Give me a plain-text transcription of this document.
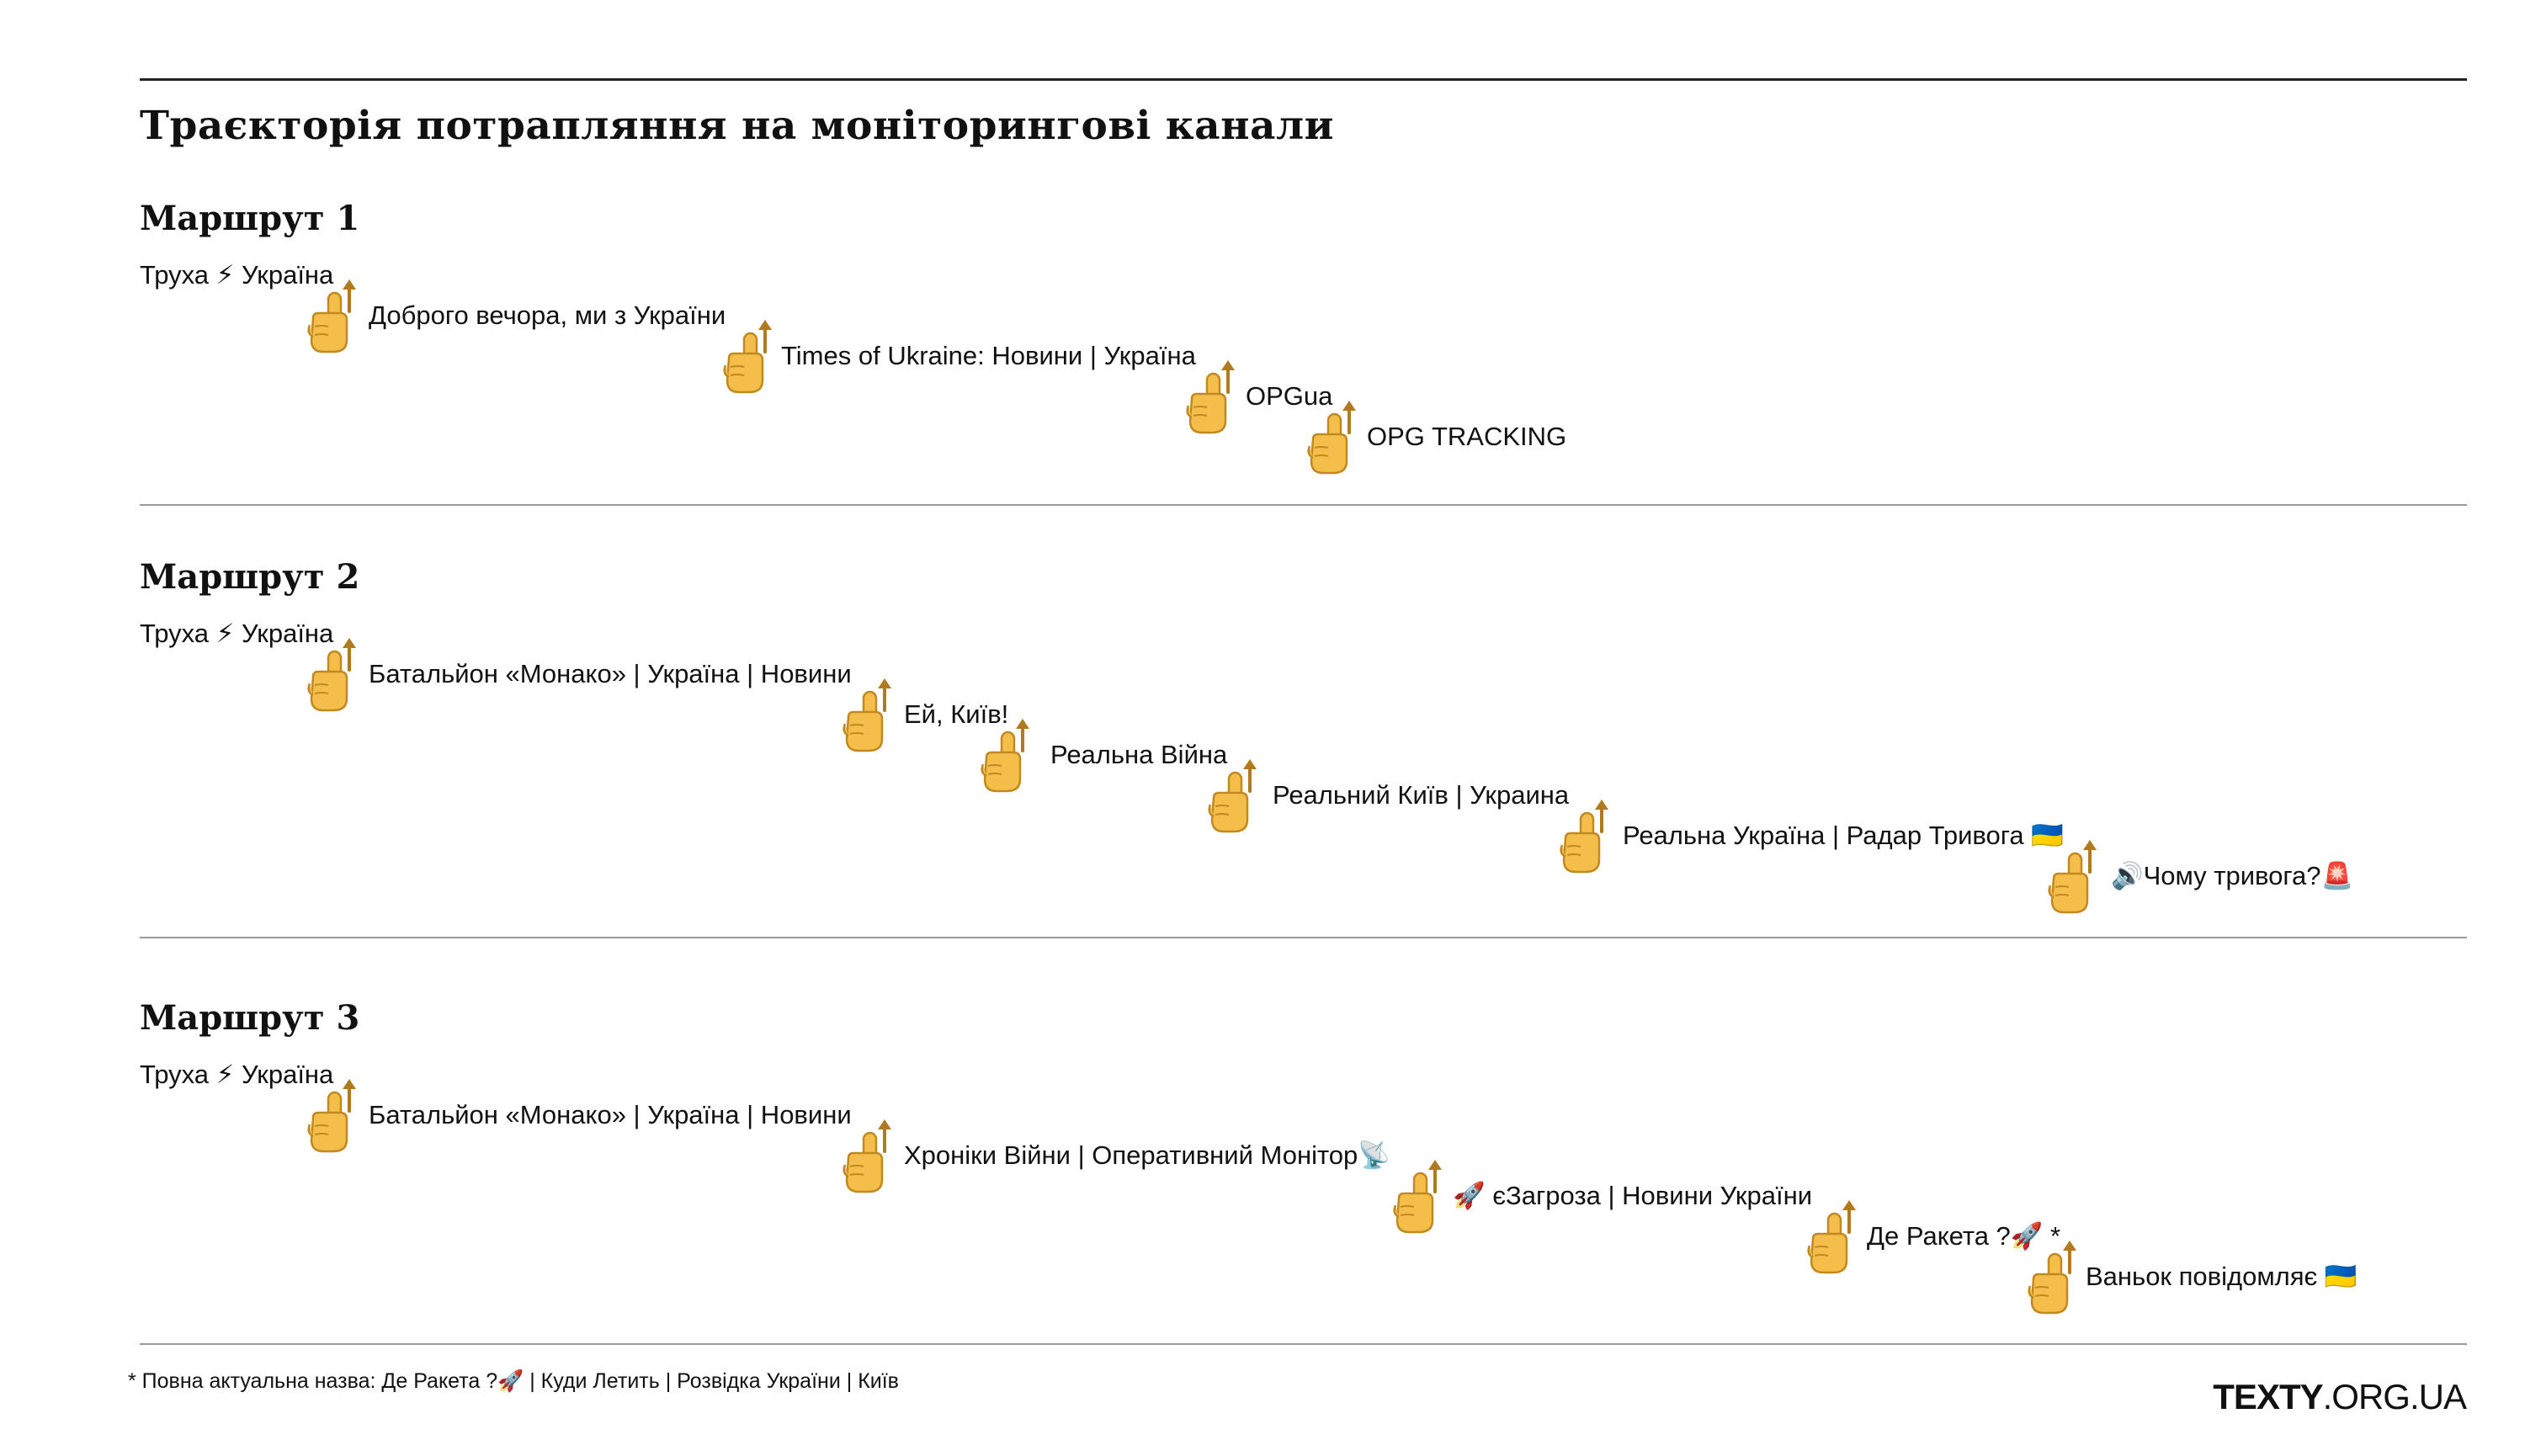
Траєкторія потрапляння на моніторингові канали
Маршрут 1
Труха ⚡ Україна
Доброго вечора, ми з України
Times of Ukraine: Новини | Україна
OPGua
OPG TRACKING
Маршрут 2
Труха ⚡ Україна
Батальйон «Монако» | Україна | Новини
Ей, Київ!
Реальна Війна
Реальний Київ | Украина
Реальна Україна | Радар Тривога 🇺🇦
🔊Чому тривога?🚨
Маршрут 3
Труха ⚡ Україна
Батальйон «Монако» | Україна | Новини
Хроніки Війни | Оперативний Монітор📡
🚀 єЗагроза | Новини України
Де Ракета ?🚀 *
Ваньок повідомляє 🇺🇦
* Повна актуальна назва: Де Ракета ?🚀 | Куди Летить | Розвідка України | Київ	TEXTY.ORG.UA
